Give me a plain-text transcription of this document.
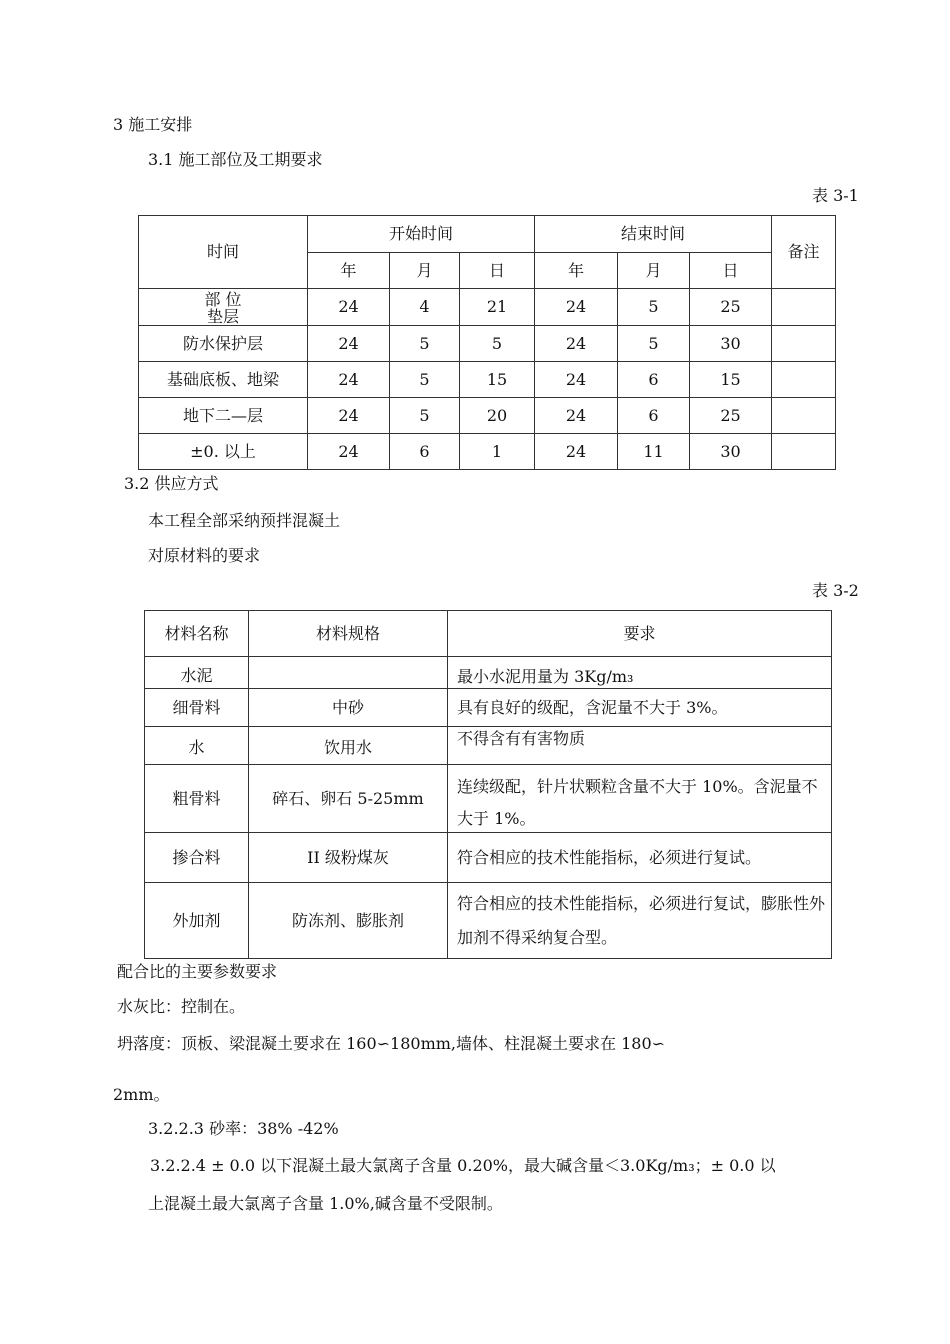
3 施工安排
3.1 施工部位及工期要求
表 3-1
时间	开始时间			结束时间			备注
	年	月	日	年	月	日	

部 位
垫层	24	4	21	24	5	25	
防水保护层	24	5	5	24	5	30	
基础底板、地梁	24	5	15	24	6	15	
地下二—层	24	5	20	24	6	25	
±0. 以上	24	6	1	24	11	30	
3.2 供应方式
本工程全部采纳预拌混凝土
对原材料的要求
表 3-2
材料名称	材料规格	要求

水泥		最小水泥用量为 3Kg/m₃

细骨料	中砂	具有良好的级配，含泥量不大于 3%。
水	饮用水	不得含有有害物质
粗骨料	碎石、卵石 5-25mm	连续级配，针片状颗粒含量不大于 10%。含泥量不大于 1%。

掺合料	II 级粉煤灰	符合相应的技术性能指标，必须进行复试。
外加剂	防冻剂、膨胀剂	符合相应的技术性能指标，必须进行复试，膨胀性外加剂不得采纳复合型。
配合比的主要参数要求
水灰比：控制在。
坍落度：顶板、梁混凝土要求在 160∽180mm,墙体、柱混凝土要求在 180∽
2mm。
3.2.2.3 砂率：38% -42%
3.2.2.4 ± 0.0 以下混凝土最大氯离子含量 0.20%，最大碱含量＜3.0Kg/m₃；± 0.0 以
上混凝土最大氯离子含量 1.0%,碱含量不受限制。
